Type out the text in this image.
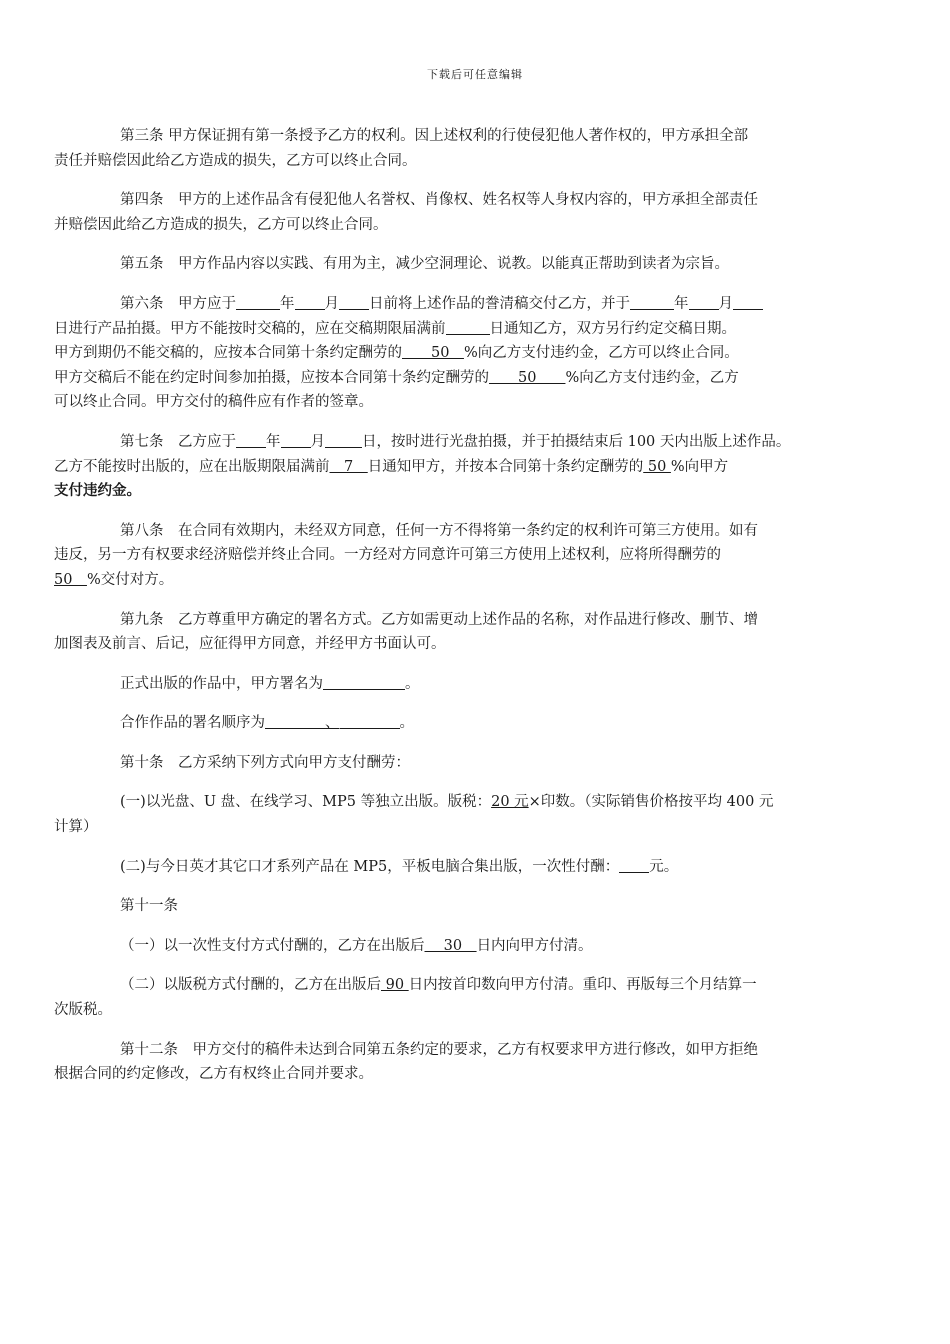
下载后可任意编辑

第三条 甲方保证拥有第一条授予乙方的权利。因上述权利的行使侵犯他人著作权的，甲方承担全部
责任并赔偿因此给乙方造成的损失，乙方可以终止合同。

第四条　甲方的上述作品含有侵犯他人名誉权、肖像权、姓名权等人身权内容的，甲方承担全部责任
并赔偿因此给乙方造成的损失，乙方可以终止合同。

第五条　甲方作品内容以实践、有用为主，减少空洞理论、说教。以能真正帮助到读者为宗旨。

第六条　甲方应于	年 月 日前将上述作品的誊清稿交付乙方，并于	年 月
日进行产品拍摄。甲方不能按时交稿的，应在交稿期限届满前	日通知乙方，双方另行约定交稿日期。
甲方到期仍不能交稿的，应按本合同第十条约定酬劳的　　50　%向乙方支付违约金，乙方可以终止合同。
甲方交稿后不能在约定时间参加拍摄，应按本合同第十条约定酬劳的　　50　　%向乙方支付违约金，乙方
可以终止合同。甲方交付的稿件应有作者的签章。

第七条　乙方应于 年 月	日，按时进行光盘拍摄，并于拍摄结束后 100 天内出版上述作品。
乙方不能按时出版的，应在出版期限届满前　7　日通知甲方，并按本合同第十条约定酬劳的 50 %向甲方
支付违约金。

第八条　在合同有效期内，未经双方同意，任何一方不得将第一条约定的权利许可第三方使用。如有
违反，另一方有权要求经济赔偿并终止合同。一方经对方同意许可第三方使用上述权利，应将所得酬劳的
50　%交付对方。

第九条　乙方尊重甲方确定的署名方式。乙方如需更动上述作品的名称，对作品进行修改、删节、增
加图表及前言、后记，应征得甲方同意，并经甲方书面认可。

正式出版的作品中，甲方署名为	。

合作作品的署名顺序为	、	。

第十条　乙方采纳下列方式向甲方支付酬劳：

(一)以光盘、U 盘、在线学习、MP5 等独立出版。版税：20 元×印数。（实际销售价格按平均 400 元
计算）

(二)与今日英才其它口才系列产品在 MP5，平板电脑合集出版，一次性付酬： 元。

第十一条

（一）以一次性支付方式付酬的，乙方在出版后　 30　日内向甲方付清。

（二）以版税方式付酬的，乙方在出版后 90 日内按首印数向甲方付清。重印、再版每三个月结算一
次版税。

第十二条　甲方交付的稿件未达到合同第五条约定的要求，乙方有权要求甲方进行修改，如甲方拒绝
根据合同的约定修改，乙方有权终止合同并要求。
